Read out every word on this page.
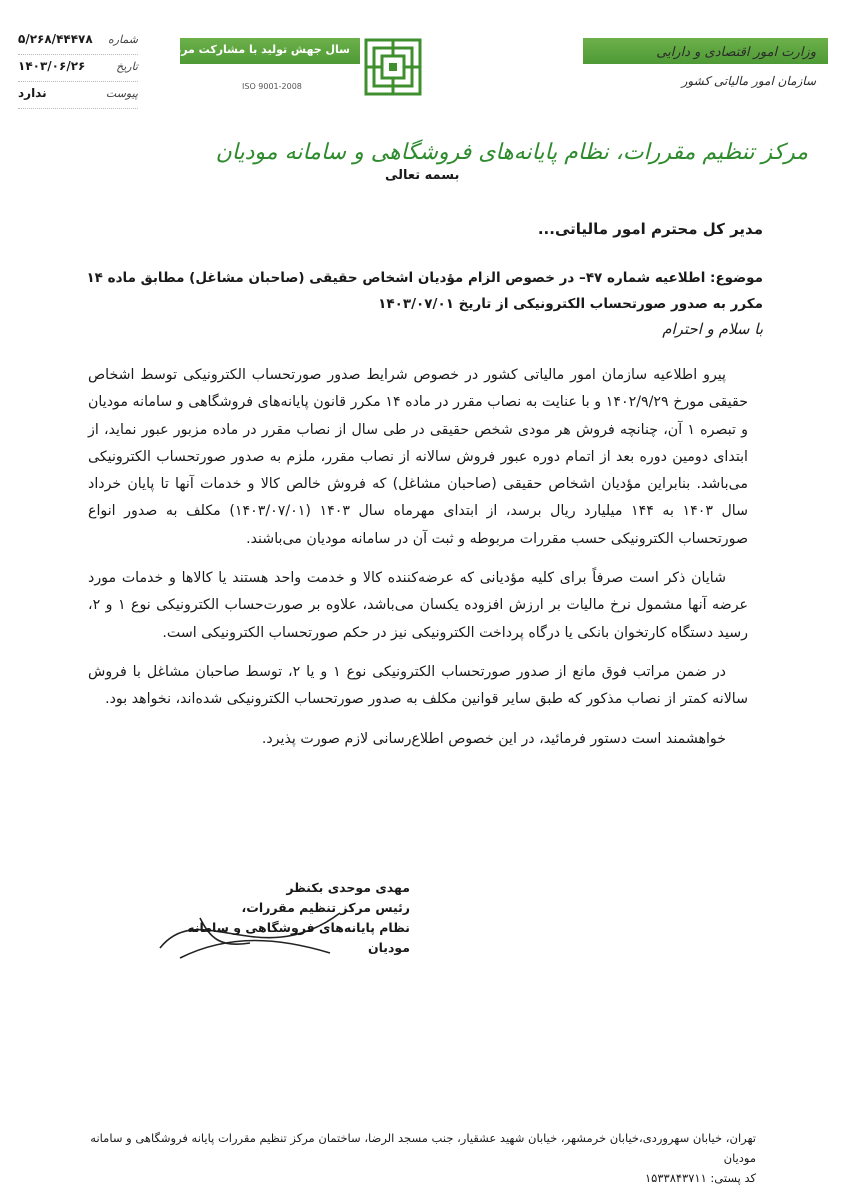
شماره
۵/۲۶۸/۴۴۴۷۸
تاریخ
۱۴۰۳/۰۶/۲۶
پیوست
ندارد
سال جهش تولید با مشارکت مردم
ISO 9001-2008
وزارت امور اقتصادی و دارایی
سازمان امور مالیاتی کشور
مرکز تنظیم مقررات، نظام پایانه‌های فروشگاهی و سامانه مودیان
بسمه تعالی
مدیر کل محترم امور مالیاتی...
موضوع: اطلاعیه شماره ۴۷– در خصوص الزام مؤدیان اشخاص حقیقی (صاحبان مشاغل) مطابق ماده ۱۴ مکرر به صدور صورتحساب الکترونیکی از تاریخ ۱۴۰۳/۰۷/۰۱
با سلام و احترام

پیرو اطلاعیه سازمان امور مالیاتی کشور در خصوص شرایط صدور صورتحساب الکترونیکی توسط اشخاص حقیقی مورخ ۱۴۰۲/۹/۲۹ و با عنایت به نصاب مقرر در ماده ۱۴ مکرر قانون پایانه‌های فروشگاهی و سامانه مودیان و تبصره ۱ آن، چنانچه فروش هر مودی شخص حقیقی در طی سال از نصاب مقرر در ماده مزبور عبور نماید، از ابتدای دومین دوره بعد از اتمام دوره عبور فروش سالانه از نصاب مقرر، ملزم به صدور صورتحساب الکترونیکی می‌باشد. بنابراین مؤدیان اشخاص حقیقی (صاحبان مشاغل) که فروش خالص کالا و خدمات آنها تا پایان خرداد سال ۱۴۰۳ به ۱۴۴ میلیارد ریال برسد، از ابتدای مهرماه سال ۱۴۰۳ (۱۴۰۳/۰۷/۰۱) مکلف به صدور انواع صورتحساب الکترونیکی حسب مقررات مربوطه و ثبت آن در سامانه مودیان می‌باشند.

شایان ذکر است صرفاً برای کلیه مؤدیانی که عرضه‌کننده کالا و خدمت واحد هستند یا کالاها و خدمات مورد عرضه آنها مشمول نرخ مالیات بر ارزش افزوده یکسان می‌باشد، علاوه بر صورت‌حساب الکترونیکی نوع ۱ و ۲، رسید دستگاه کارتخوان بانکی یا درگاه پرداخت الکترونیکی نیز در حکم صورتحساب الکترونیکی است.

در ضمن مراتب فوق مانع از صدور صورتحساب الکترونیکی نوع ۱ و یا ۲، توسط صاحبان مشاغل با فروش سالانه کمتر از نصاب مذکور که طبق سایر قوانین مکلف به صدور صورتحساب الکترونیکی شده‌اند، نخواهد بود.

خواهشمند است دستور فرمائید، در این خصوص اطلاع‌رسانی لازم صورت پذیرد.

مهدی موحدی بکنظر
رئیس مرکز تنظیم مقررات،
نظام پایانه‌های فروشگاهی و سامانه مودیان
تهران، خیابان سهروردی،خیابان خرمشهر، خیابان شهید عشقیار، جنب مسجد الرضا، ساختمان مرکز تنظیم مقررات پایانه فروشگاهی و سامانه مودیان
کد پستی: ۱۵۳۳۸۴۳۷۱۱
